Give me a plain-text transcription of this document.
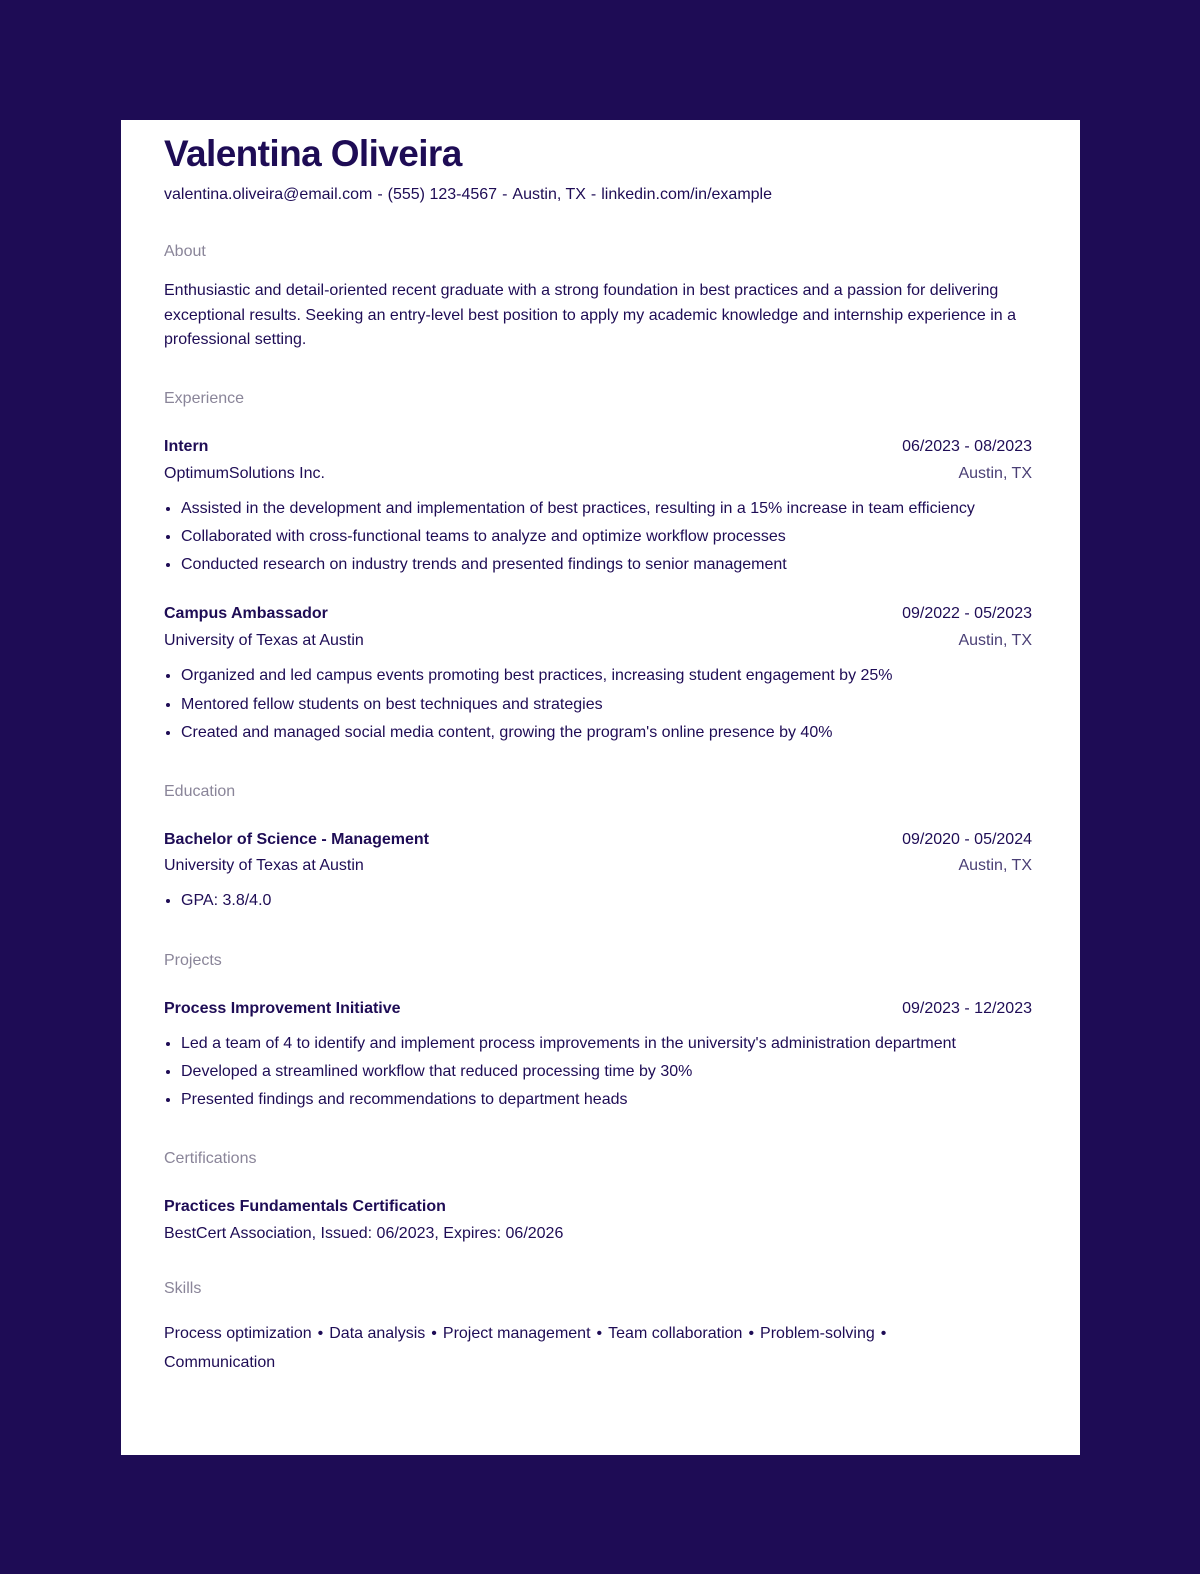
Valentina Oliveira
valentina.oliveira@email.com - (555) 123-4567 - Austin, TX - linkedin.com/in/example
About
Enthusiastic and detail-oriented recent graduate with a strong foundation in best practices and a passion for delivering exceptional results. Seeking an entry-level best position to apply my academic knowledge and internship experience in a professional setting.
Experience
Intern	06/2023 - 08/2023
OptimumSolutions Inc.	Austin, TX
• Assisted in the development and implementation of best practices, resulting in a 15% increase in team efficiency
• Collaborated with cross-functional teams to analyze and optimize workflow processes
• Conducted research on industry trends and presented findings to senior management
Campus Ambassador	09/2022 - 05/2023
University of Texas at Austin	Austin, TX
• Organized and led campus events promoting best practices, increasing student engagement by 25%
• Mentored fellow students on best techniques and strategies
• Created and managed social media content, growing the program's online presence by 40%
Education
Bachelor of Science - Management	09/2020 - 05/2024
University of Texas at Austin	Austin, TX
• GPA: 3.8/4.0
Projects
Process Improvement Initiative	09/2023 - 12/2023
• Led a team of 4 to identify and implement process improvements in the university's administration department
• Developed a streamlined workflow that reduced processing time by 30%
• Presented findings and recommendations to department heads
Certifications
Practices Fundamentals Certification
BestCert Association , Issued: 06/2023, Expires: 06/2026
Skills
Process optimization • Data analysis • Project management • Team collaboration • Problem-solving •
Communication
